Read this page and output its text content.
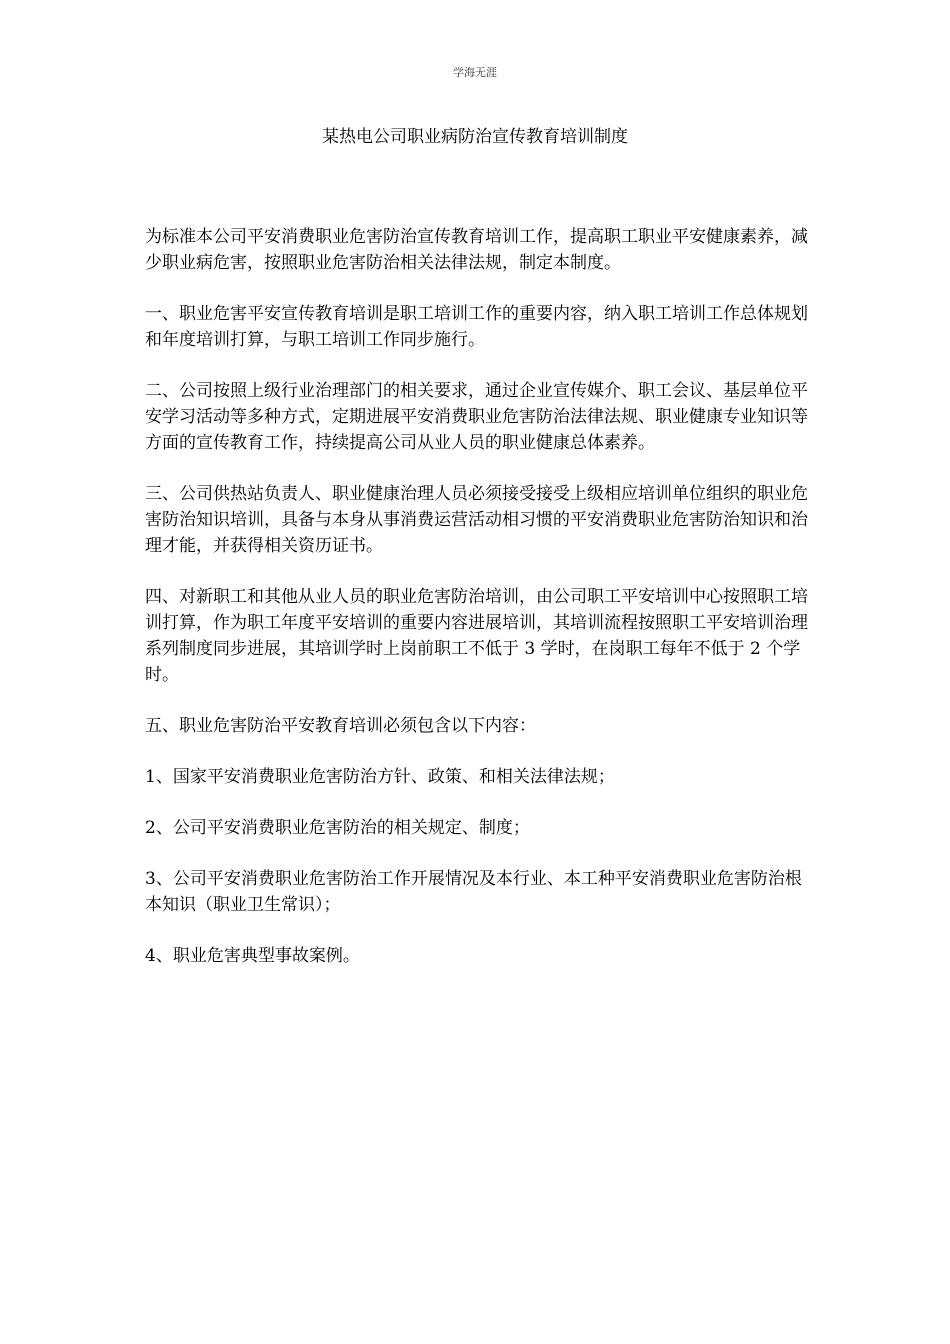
学海无涯
某热电公司职业病防治宣传教育培训制度

为标准本公司平安消费职业危害防治宣传教育培训工作，提高职工职业平安健康素养，减少职业病危害，按照职业危害防治相关法律法规，制定本制度。

一、职业危害平安宣传教育培训是职工培训工作的重要内容，纳入职工培训工作总体规划和年度培训打算，与职工培训工作同步施行。

二、公司按照上级行业治理部门的相关要求，通过企业宣传媒介、职工会议、基层单位平安学习活动等多种方式，定期进展平安消费职业危害防治法律法规、职业健康专业知识等方面的宣传教育工作，持续提高公司从业人员的职业健康总体素养。

三、公司供热站负责人、职业健康治理人员必须接受接受上级相应培训单位组织的职业危害防治知识培训，具备与本身从事消费运营活动相习惯的平安消费职业危害防治知识和治理才能，并获得相关资历证书。

四、对新职工和其他从业人员的职业危害防治培训，由公司职工平安培训中心按照职工培训打算，作为职工年度平安培训的重要内容进展培训，其培训流程按照职工平安培训治理系列制度同步进展，其培训学时上岗前职工不低于 3 学时，在岗职工每年不低于 2 个学时。

五、职业危害防治平安教育培训必须包含以下内容：

1、国家平安消费职业危害防治方针、政策、和相关法律法规；

2、公司平安消费职业危害防治的相关规定、制度；

3、公司平安消费职业危害防治工作开展情况及本行业、本工种平安消费职业危害防治根本知识（职业卫生常识）；

4、职业危害典型事故案例。
